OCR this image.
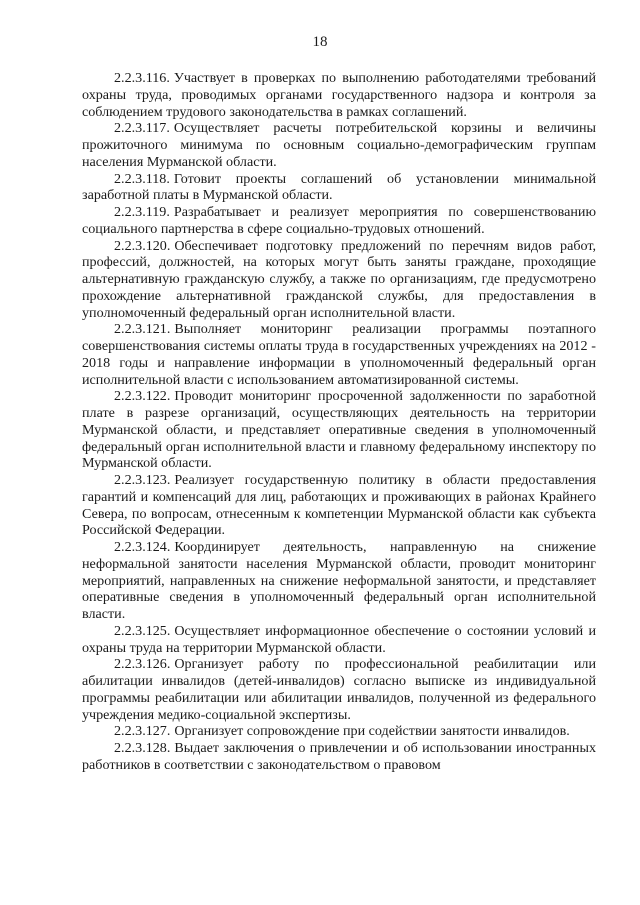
18

2.2.3.116. Участвует в проверках по выполнению работодателями требований охраны труда, проводимых органами государственного надзора и контроля за соблюдением трудового законодательства в рамках соглашений.

2.2.3.117. Осуществляет расчеты потребительской корзины и величины прожиточного минимума по основным социально-демографическим группам населения Мурманской области.

2.2.3.118. Готовит проекты соглашений об установлении минимальной заработной платы в Мурманской области.

2.2.3.119. Разрабатывает и реализует мероприятия по совершенствованию социального партнерства в сфере социально-трудовых отношений.

2.2.3.120. Обеспечивает подготовку предложений по перечням видов работ, профессий, должностей, на которых могут быть заняты граждане, проходящие альтернативную гражданскую службу, а также по организациям, где предусмотрено прохождение альтернативной гражданской службы, для предоставления в уполномоченный федеральный орган исполнительной власти.

2.2.3.121. Выполняет мониторинг реализации программы поэтапного совершенствования системы оплаты труда в государственных учреждениях на 2012 - 2018 годы и направление информации в уполномоченный федеральный орган исполнительной власти с использованием автоматизированной системы.

2.2.3.122. Проводит мониторинг просроченной задолженности по заработной плате в разрезе организаций, осуществляющих деятельность на территории Мурманской области, и представляет оперативные сведения в уполномоченный федеральный орган исполнительной власти и главному федеральному инспектору по Мурманской области.

2.2.3.123. Реализует государственную политику в области предоставления гарантий и компенсаций для лиц, работающих и проживающих в районах Крайнего Севера, по вопросам, отнесенным к компетенции Мурманской области как субъекта Российской Федерации.

2.2.3.124. Координирует деятельность, направленную на снижение неформальной занятости населения Мурманской области, проводит мониторинг мероприятий, направленных на снижение неформальной занятости, и представляет оперативные сведения в уполномоченный федеральный орган исполнительной власти.

2.2.3.125. Осуществляет информационное обеспечение о состоянии условий и охраны труда на территории Мурманской области.

2.2.3.126. Организует работу по профессиональной реабилитации или абилитации инвалидов (детей-инвалидов) согласно выписке из индивидуальной программы реабилитации или абилитации инвалидов, полученной из федерального учреждения медико-социальной экспертизы.

2.2.3.127. Организует сопровождение при содействии занятости инвалидов.

2.2.3.128. Выдает заключения о привлечении и об использовании иностранных работников в соответствии с законодательством о правовом
